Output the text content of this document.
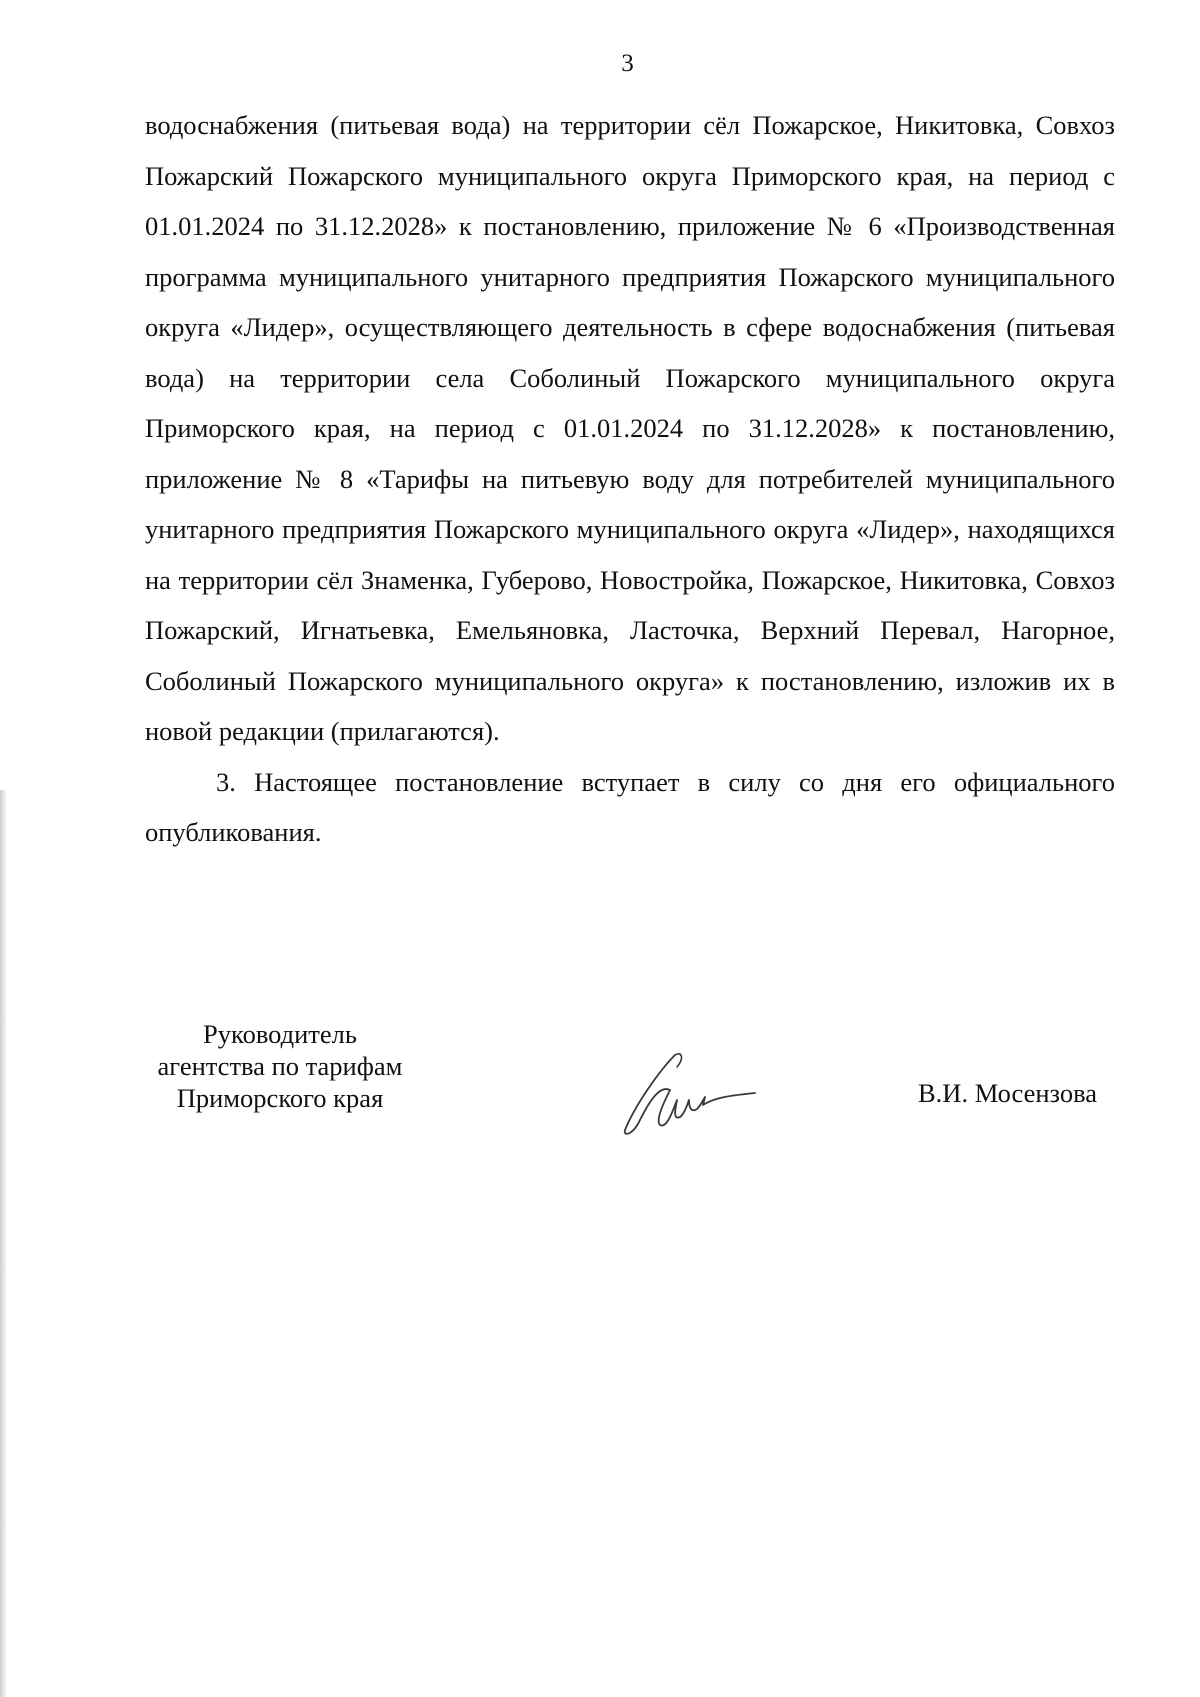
3

водоснабжения (питьевая вода) на территории сёл Пожарское, Никитовка, Совхоз Пожарский Пожарского муниципального округа Приморского края, на период с 01.01.2024 по 31.12.2028» к постановлению, приложение № 6 «Производственная программа муниципального унитарного предприятия Пожарского муниципального округа «Лидер», осуществляющего деятельность в сфере водоснабжения (питьевая вода) на территории села Соболиный Пожарского муниципального округа Приморского края, на период с 01.01.2024 по 31.12.2028» к постановлению, приложение № 8 «Тарифы на питьевую воду для потребителей муниципального унитарного предприятия Пожарского муниципального округа «Лидер», находящихся на территории сёл Знаменка, Губерово, Новостройка, Пожарское, Никитовка, Совхоз Пожарский, Игнатьевка, Емельяновка, Ласточка, Верхний Перевал, Нагорное, Соболиный Пожарского муниципального округа» к постановлению, изложив их в новой редакции (прилагаются).

3. Настоящее постановление вступает в силу со дня его официального опубликования.

Руководитель
агентства по тарифам
Приморского края	В.И. Мосензова
